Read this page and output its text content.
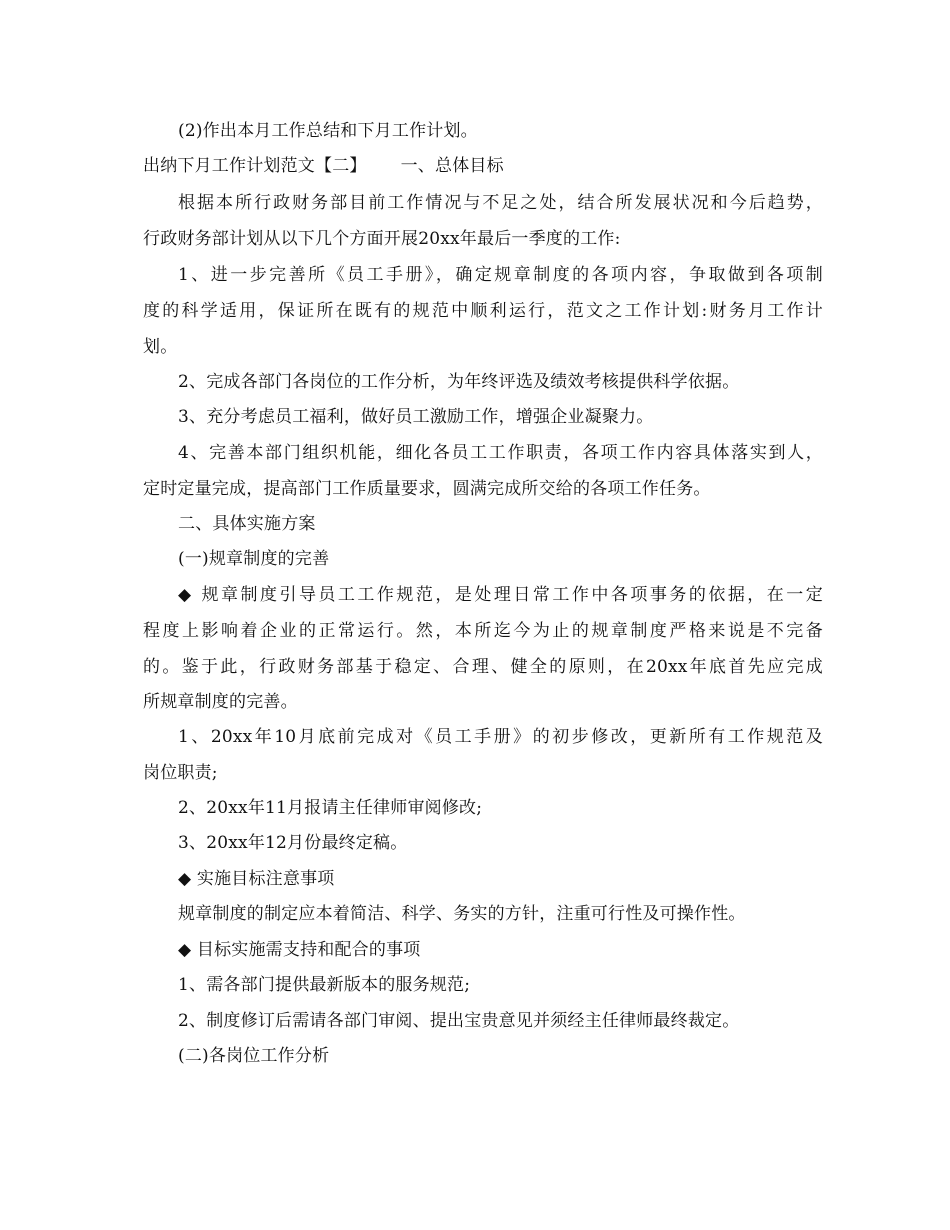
(2)作出本月工作总结和下月工作计划。
出纳下月工作计划范文【二】 一、总体目标
根据本所行政财务部目前工作情况与不足之处，结合所发展状况和今后趋势，
行政财务部计划从以下几个方面开展20xx年最后一季度的工作:
1、进一步完善所《员工手册》，确定规章制度的各项内容，争取做到各项制
度的科学适用，保证所在既有的规范中顺利运行，范文之工作计划:财务月工作计
划。
2、完成各部门各岗位的工作分析，为年终评选及绩效考核提供科学依据。
3、充分考虑员工福利，做好员工激励工作，增强企业凝聚力。
4、完善本部门组织机能，细化各员工工作职责，各项工作内容具体落实到人，
定时定量完成，提高部门工作质量要求，圆满完成所交给的各项工作任务。
二、具体实施方案
(一)规章制度的完善
◆ 规章制度引导员工工作规范，是处理日常工作中各项事务的依据，在一定
程度上影响着企业的正常运行。然，本所迄今为止的规章制度严格来说是不完备
的。鉴于此，行政财务部基于稳定、合理、健全的原则，在20xx年底首先应完成
所规章制度的完善。
1、20xx年10月底前完成对《员工手册》的初步修改，更新所有工作规范及
岗位职责;
2、20xx年11月报请主任律师审阅修改;
3、20xx年12月份最终定稿。
◆ 实施目标注意事项
规章制度的制定应本着简洁、科学、务实的方针，注重可行性及可操作性。
◆ 目标实施需支持和配合的事项
1、需各部门提供最新版本的服务规范;
2、制度修订后需请各部门审阅、提出宝贵意见并须经主任律师最终裁定。
(二)各岗位工作分析
